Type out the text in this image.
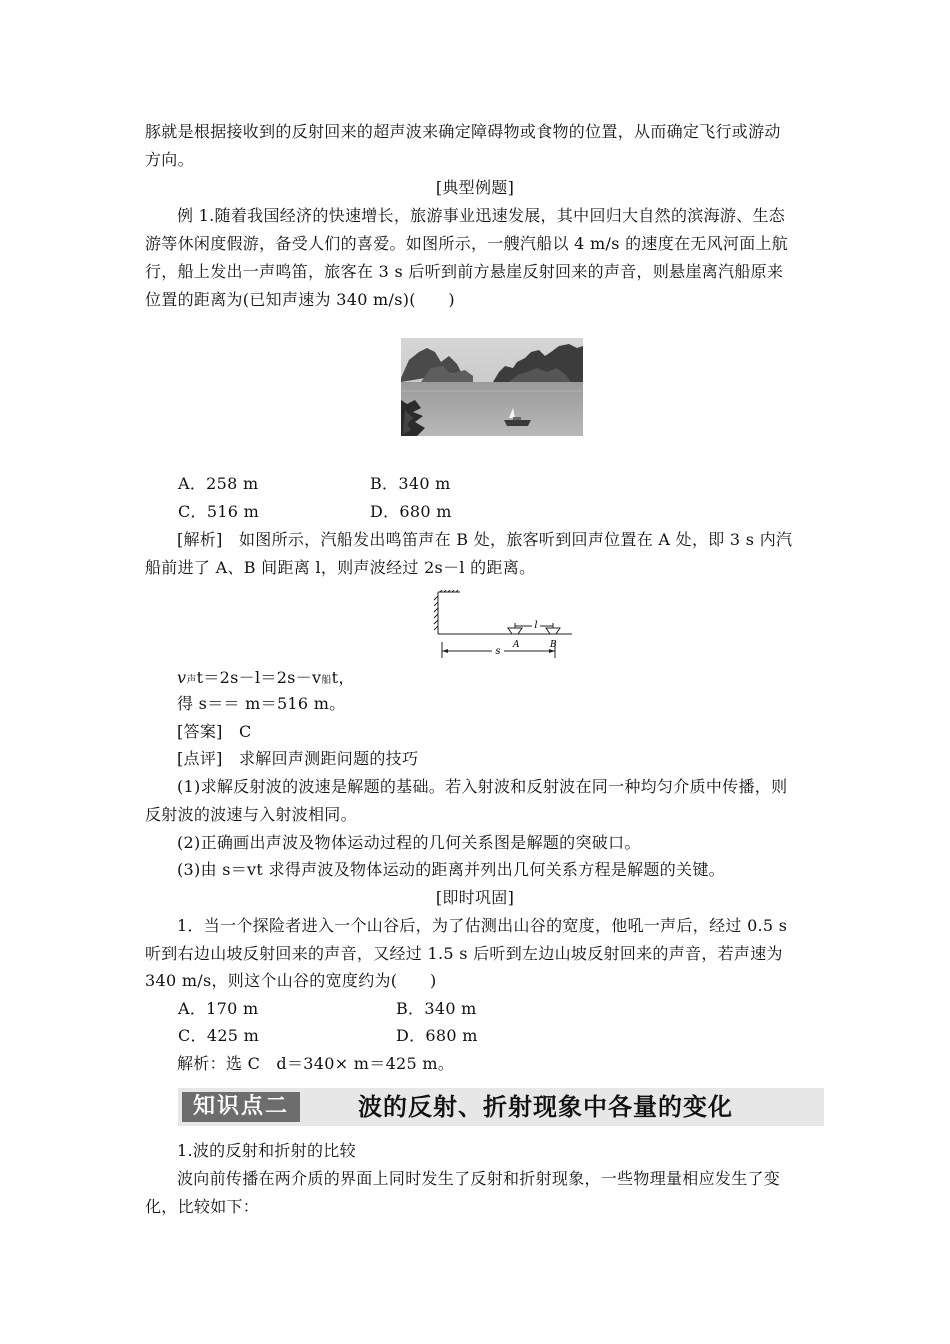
豚就是根据接收到的反射回来的超声波来确定障碍物或食物的位置，从而确定飞行或游动
方向。
[典型例题]
例 1.随着我国经济的快速增长，旅游事业迅速发展，其中回归大自然的滨海游、生态
游等休闲度假游，备受人们的喜爱。如图所示，一艘汽船以 4 m/s 的速度在无风河面上航
行，船上发出一声鸣笛，旅客在 3 s 后听到前方悬崖反射回来的声音，则悬崖离汽船原来
位置的距离为(已知声速为 340 m/s)(　　)
A．258 m	B．340 m
C．516 m	D．680 m
[解析]　如图所示，汽船发出鸣笛声在 B 处，旅客听到回声位置在 A 处，即 3 s 内汽
船前进了 A、B 间距离 l，则声波经过 2s－l 的距离。
l
A	B
s
v声t＝2s－l＝2s－v船t，
得 s＝＝ m＝516 m。
[答案]　C
[点评]　求解回声测距问题的技巧
(1)求解反射波的波速是解题的基础。若入射波和反射波在同一种均匀介质中传播，则
反射波的波速与入射波相同。
(2)正确画出声波及物体运动过程的几何关系图是解题的突破口。
(3)由 s＝vt 求得声波及物体运动的距离并列出几何关系方程是解题的关键。
[即时巩固]
1．当一个探险者进入一个山谷后，为了估测出山谷的宽度，他吼一声后，经过 0.5 s
听到右边山坡反射回来的声音，又经过 1.5 s 后听到左边山坡反射回来的声音，若声速为
340 m/s，则这个山谷的宽度约为(　　)
A．170 m	B．340 m
C．425 m	D．680 m
解析：选 C　d＝340× m＝425 m。
知识点二	波的反射、折射现象中各量的变化
1.波的反射和折射的比较
波向前传播在两介质的界面上同时发生了反射和折射现象，一些物理量相应发生了变
化，比较如下：
